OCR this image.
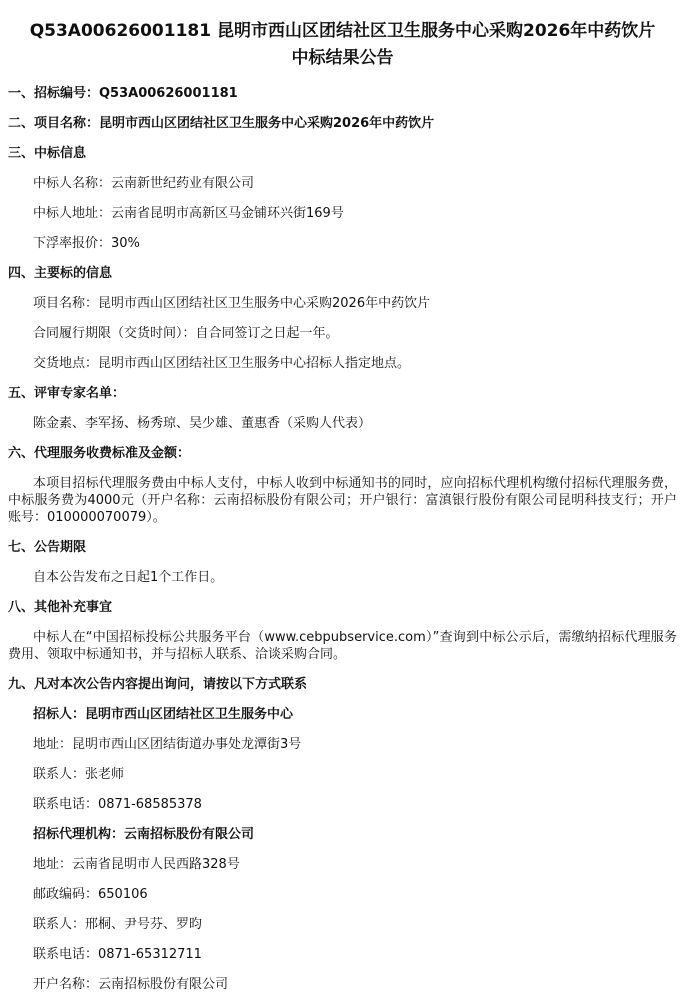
Q53A00626001181 昆明市西山区团结社区卫生服务中心采购2026年中药饮片
中标结果公告
一、招标编号：Q53A00626001181
二、项目名称：昆明市西山区团结社区卫生服务中心采购2026年中药饮片
三、中标信息
中标人名称：云南新世纪药业有限公司
中标人地址：云南省昆明市高新区马金铺环兴街169号
下浮率报价：30%
四、主要标的信息
项目名称：昆明市西山区团结社区卫生服务中心采购2026年中药饮片
合同履行期限（交货时间）：自合同签订之日起一年。
交货地点：昆明市西山区团结社区卫生服务中心招标人指定地点。
五、评审专家名单：
陈金素、李军扬、杨秀琼、吴少雄、董惠香（采购人代表）
六、代理服务收费标准及金额：

本项目招标代理服务费由中标人支付，中标人收到中标通知书的同时，应向招标代理机构缴付招标代理服务费，中标服务费为4000元（开户名称：云南招标股份有限公司；开户银行：富滇银行股份有限公司昆明科技支行；开户账号：010000070079）。

七、公告期限
自本公告发布之日起1个工作日。
八、其他补充事宜

中标人在“中国招标投标公共服务平台（www.cebpubservice.com）”查询到中标公示后，需缴纳招标代理服务费用、领取中标通知书，并与招标人联系、洽谈采购合同。

九、凡对本次公告内容提出询问，请按以下方式联系
招标人：昆明市西山区团结社区卫生服务中心
地址：昆明市西山区团结街道办事处龙潭街3号
联系人：张老师
联系电话：0871-68585378
招标代理机构：云南招标股份有限公司
地址：云南省昆明市人民西路328号
邮政编码：650106
联系人：邢桐、尹号芬、罗昀
联系电话：0871-65312711
开户名称：云南招标股份有限公司
